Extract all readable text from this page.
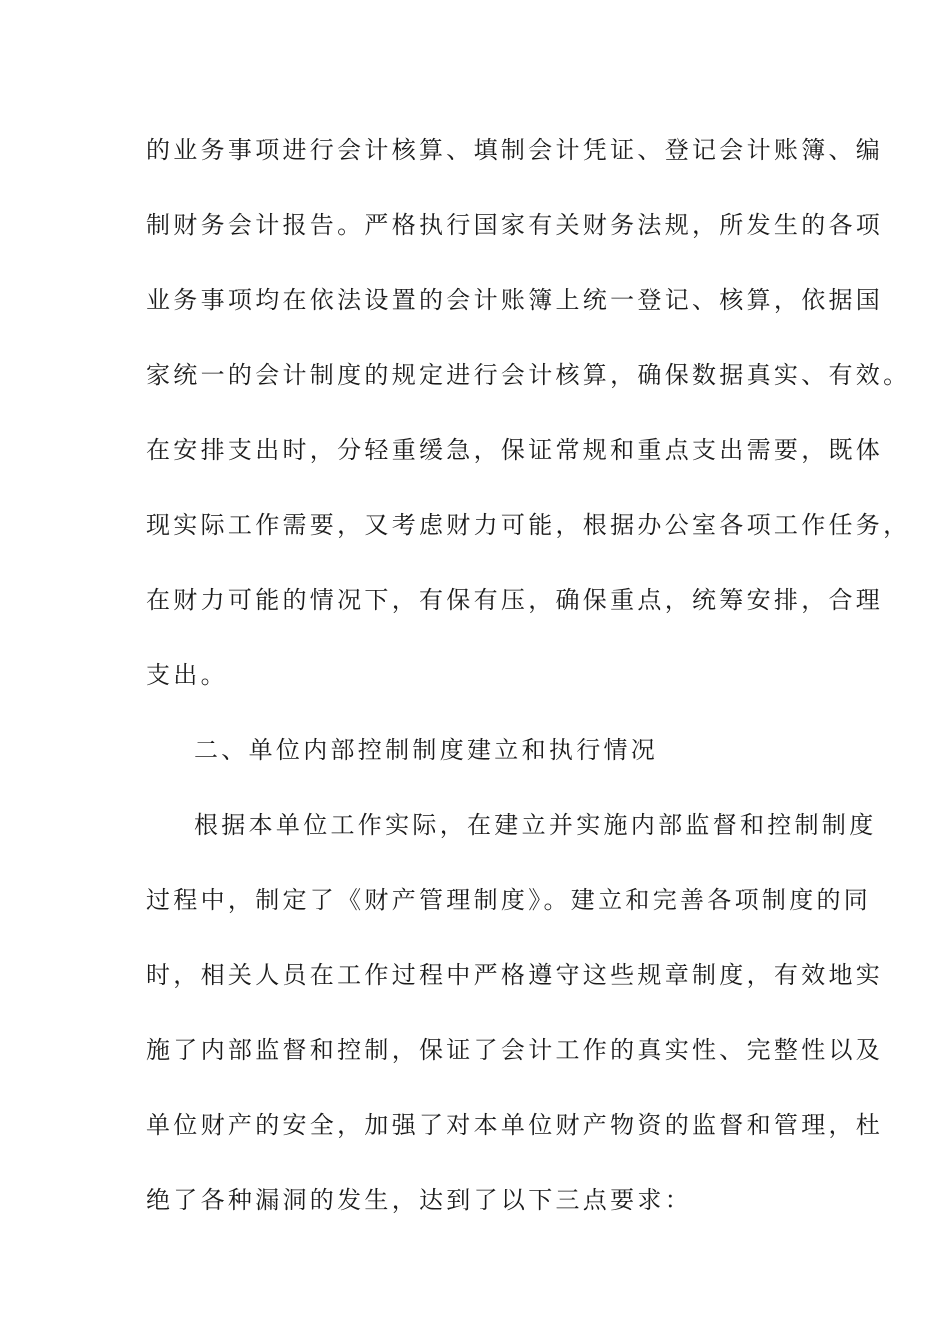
的业务事项进行会计核算、填制会计凭证、登记会计账簿、编
制财务会计报告。严格执行国家有关财务法规，所发生的各项
业务事项均在依法设置的会计账簿上统一登记、核算，依据国
家统一的会计制度的规定进行会计核算，确保数据真实、有效。
在安排支出时，分轻重缓急，保证常规和重点支出需要，既体
现实际工作需要，又考虑财力可能，根据办公室各项工作任务，
在财力可能的情况下，有保有压，确保重点，统筹安排，合理
支出。
二、单位内部控制制度建立和执行情况
根据本单位工作实际，在建立并实施内部监督和控制制度
过程中，制定了《财产管理制度》。建立和完善各项制度的同
时，相关人员在工作过程中严格遵守这些规章制度，有效地实
施了内部监督和控制，保证了会计工作的真实性、完整性以及
单位财产的安全，加强了对本单位财产物资的监督和管理，杜
绝了各种漏洞的发生，达到了以下三点要求：
